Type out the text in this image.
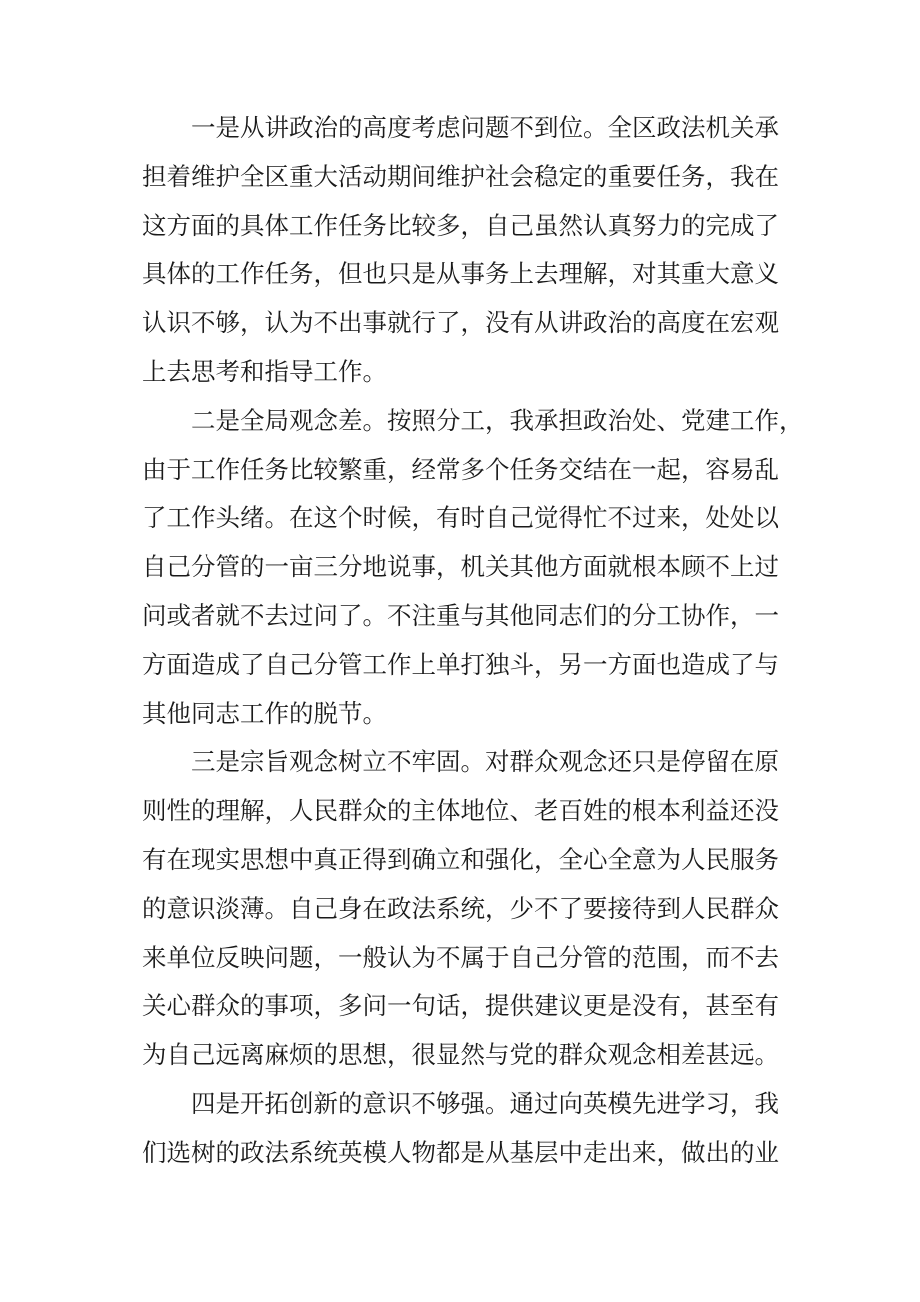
一是从讲政治的高度考虑问题不到位。全区政法机关承
担着维护全区重大活动期间维护社会稳定的重要任务，我在
这方面的具体工作任务比较多，自己虽然认真努力的完成了
具体的工作任务，但也只是从事务上去理解，对其重大意义
认识不够，认为不出事就行了，没有从讲政治的高度在宏观
上去思考和指导工作。
二是全局观念差。按照分工，我承担政治处、党建工作，
由于工作任务比较繁重，经常多个任务交结在一起，容易乱
了工作头绪。在这个时候，有时自己觉得忙不过来，处处以
自己分管的一亩三分地说事，机关其他方面就根本顾不上过
问或者就不去过问了。不注重与其他同志们的分工协作，一
方面造成了自己分管工作上单打独斗，另一方面也造成了与
其他同志工作的脱节。
三是宗旨观念树立不牢固。对群众观念还只是停留在原
则性的理解，人民群众的主体地位、老百姓的根本利益还没
有在现实思想中真正得到确立和强化，全心全意为人民服务
的意识淡薄。自己身在政法系统，少不了要接待到人民群众
来单位反映问题，一般认为不属于自己分管的范围，而不去
关心群众的事项，多问一句话，提供建议更是没有，甚至有
为自己远离麻烦的思想，很显然与党的群众观念相差甚远。
四是开拓创新的意识不够强。通过向英模先进学习，我
们选树的政法系统英模人物都是从基层中走出来，做出的业
